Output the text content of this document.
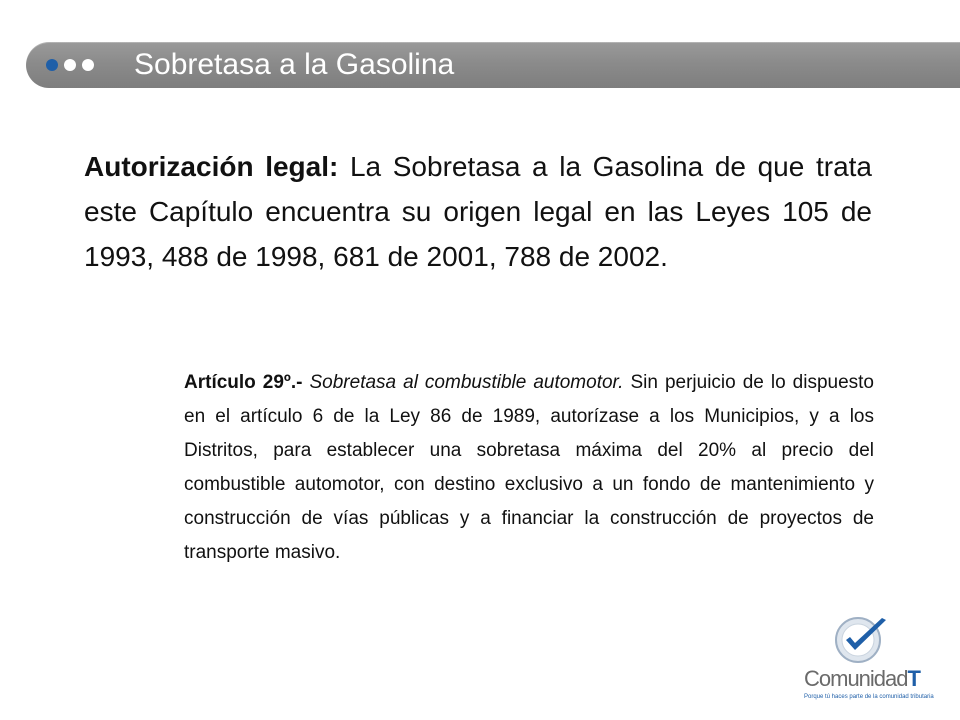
Sobretasa a la Gasolina

Autorización legal: La Sobretasa a la Gasolina de que trata este Capítulo encuentra su origen legal en las Leyes 105 de 1993, 488 de 1998, 681 de 2001, 788 de 2002.

Artículo 29º.- Sobretasa al combustible automotor. Sin perjuicio de lo dispuesto en el artículo 6 de la Ley 86 de 1989, autorízase a los Municipios, y a los Distritos, para establecer una sobretasa máxima del 20% al precio del combustible automotor, con destino exclusivo a un fondo de mantenimiento y construcción de vías públicas y a financiar la construcción de proyectos de transporte masivo.

ComunidadT
Porque tú haces parte de la comunidad tributaria
